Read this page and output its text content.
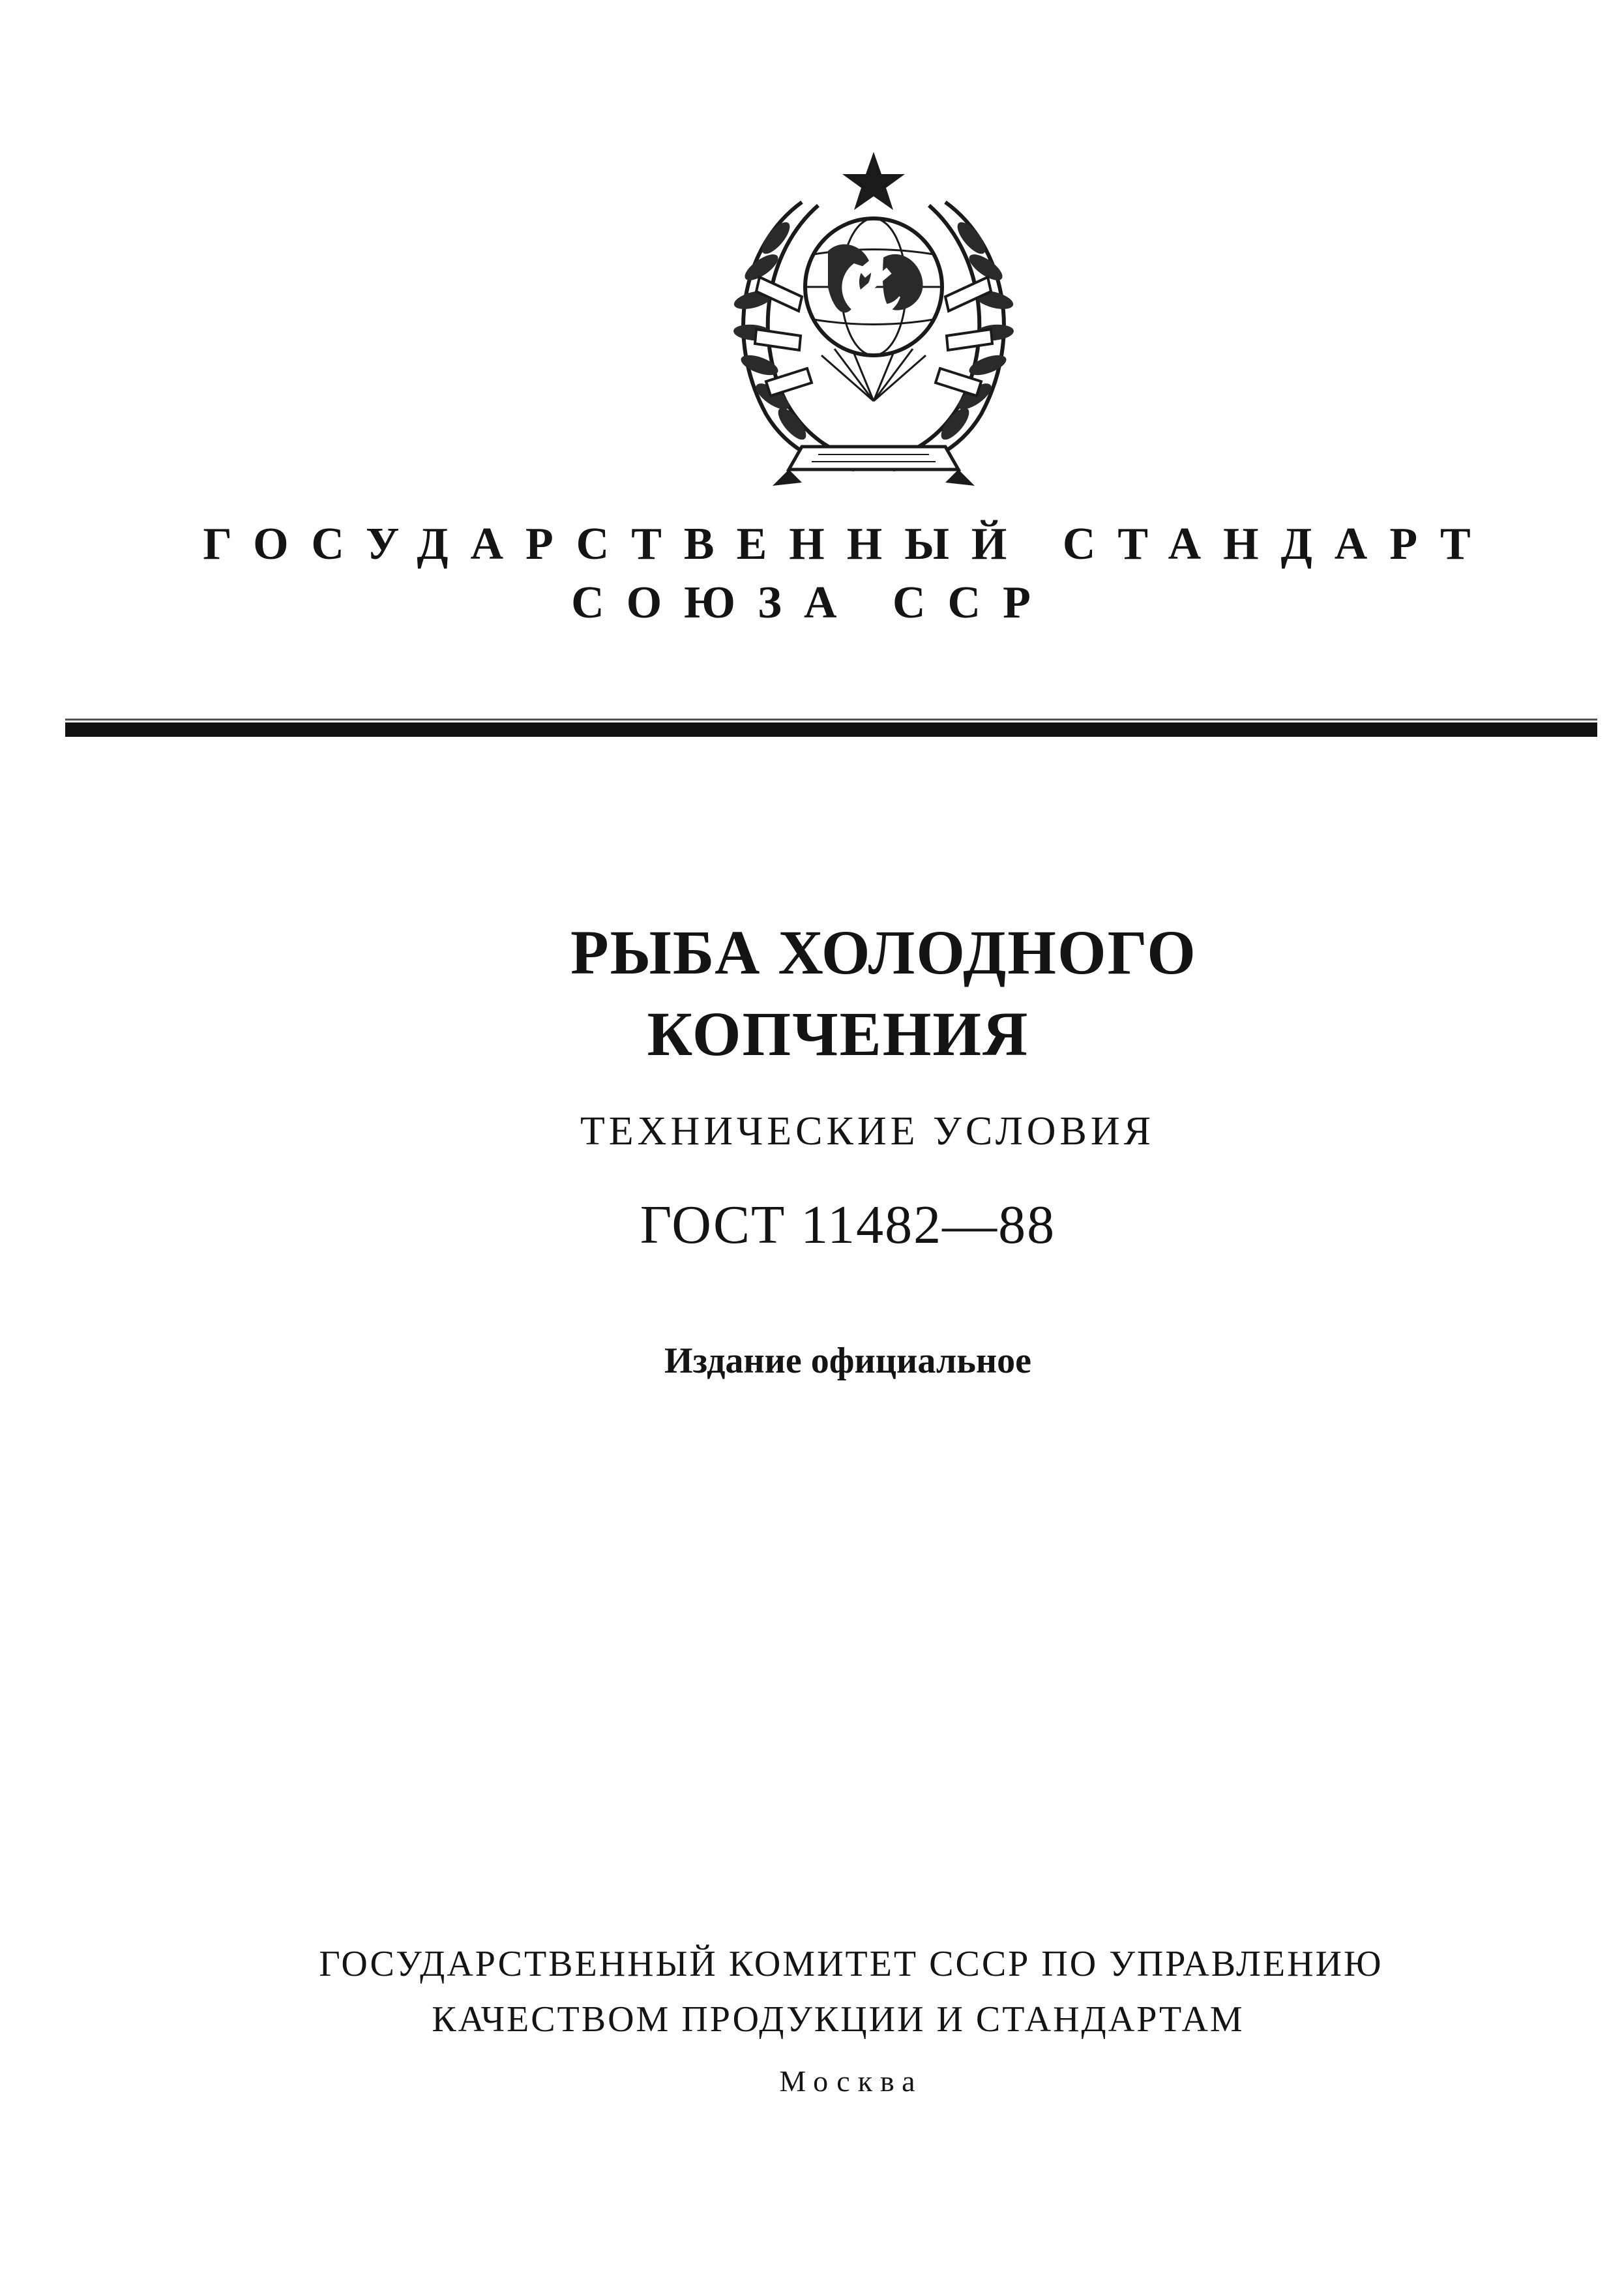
ГОСУДАРСТВЕННЫЙ СТАНДАРТ
СОЮЗА ССР
РЫБА ХОЛОДНОГО
КОПЧЕНИЯ
ТЕХНИЧЕСКИЕ УСЛОВИЯ
ГОСТ 11482—88
Издание официальное
ГОСУДАРСТВЕННЫЙ КОМИТЕТ СССР ПО УПРАВЛЕНИЮ
КАЧЕСТВОМ ПРОДУКЦИИ И СТАНДАРТАМ
Москва
